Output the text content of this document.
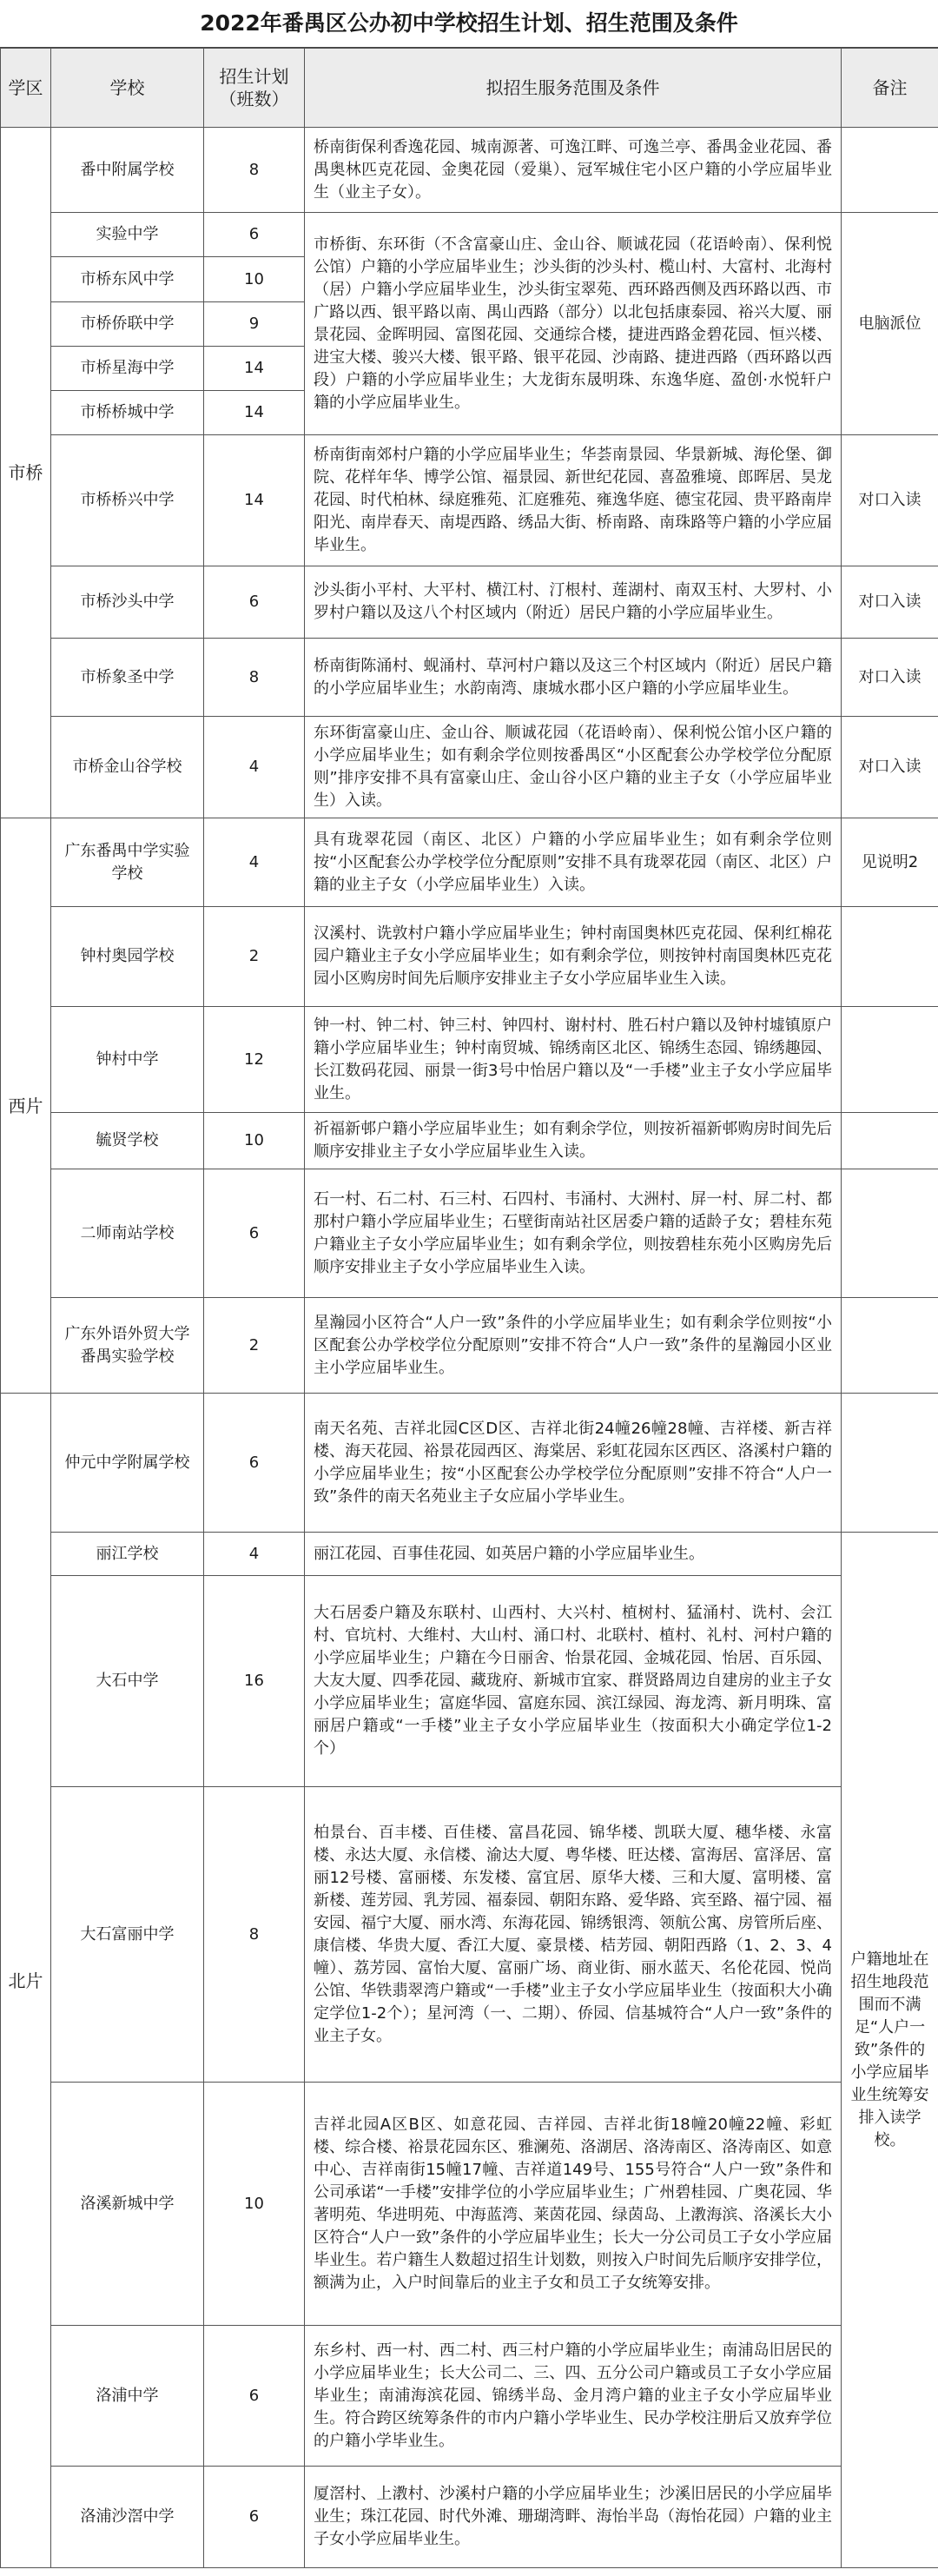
2022年番禺区公办初中学校招生计划、招生范围及条件
学区	学校	招生计划（班数）	拟招生服务范围及条件	备注
市桥	番中附属学校	8	桥南街保利香逸花园、城南源著、可逸江畔、可逸兰亭、番禺金业花园、番禺奥林匹克花园、金奥花园（爱巢）、冠军城住宅小区户籍的小学应届毕业生（业主子女）。	
	实验中学	6	市桥街、东环街（不含富豪山庄、金山谷、顺诚花园（花语岭南）、保利悦公馆）户籍的小学应届毕业生；沙头街的沙头村、榄山村、大富村、北海村（居）户籍小学应届毕业生，沙头街宝翠苑、西环路西侧及西环路以西、市广路以西、银平路以南、禺山西路（部分）以北包括康泰园、裕兴大厦、丽景花园、金晖明园、富图花园、交通综合楼，捷进西路金碧花园、恒兴楼、进宝大楼、骏兴大楼、银平路、银平花园、沙南路、捷进西路（西环路以西段）户籍的小学应届毕业生；大龙街东晟明珠、东逸华庭、盈创·水悦轩户籍的小学应届毕业生。	电脑派位
	市桥东风中学	10		
	市桥侨联中学	9		
	市桥星海中学	14		
	市桥桥城中学	14		
	市桥桥兴中学	14	桥南街南郊村户籍的小学应届毕业生；华荟南景园、华景新城、海伦堡、御院、花样年华、博学公馆、福景园、新世纪花园、喜盈雅境、郎晖居、昊龙花园、时代柏林、绿庭雅苑、汇庭雅苑、雍逸华庭、德宝花园、贵平路南岸阳光、南岸春天、南堤西路、绣品大街、桥南路、南珠路等户籍的小学应届毕业生。	对口入读
	市桥沙头中学	6	沙头街小平村、大平村、横江村、汀根村、莲湖村、南双玉村、大罗村、小罗村户籍以及这八个村区域内（附近）居民户籍的小学应届毕业生。	对口入读
	市桥象圣中学	8	桥南街陈涌村、蚬涌村、草河村户籍以及这三个村区域内（附近）居民户籍的小学应届毕业生；水韵南湾、康城水郡小区户籍的小学应届毕业生。	对口入读
	市桥金山谷学校	4	东环街富豪山庄、金山谷、顺诚花园（花语岭南）、保利悦公馆小区户籍的小学应届毕业生；如有剩余学位则按番禺区“小区配套公办学校学位分配原则”排序安排不具有富豪山庄、金山谷小区户籍的业主子女（小学应届毕业生）入读。	对口入读
西片	广东番禺中学实验学校	4	具有珑翠花园（南区、北区）户籍的小学应届毕业生；如有剩余学位则按“小区配套公办学校学位分配原则”安排不具有珑翠花园（南区、北区）户籍的业主子女（小学应届毕业生）入读。	见说明2
	钟村奥园学校	2	汉溪村、诜敦村户籍小学应届毕业生；钟村南国奥林匹克花园、保利红棉花园户籍业主子女小学应届毕业生；如有剩余学位，则按钟村南国奥林匹克花园小区购房时间先后顺序安排业主子女小学应届毕业生入读。	
	钟村中学	12	钟一村、钟二村、钟三村、钟四村、谢村村、胜石村户籍以及钟村墟镇原户籍小学应届毕业生；钟村南贸城、锦绣南区北区、锦绣生态园、锦绣趣园、长江数码花园、丽景一街3号中怡居户籍以及“一手楼”业主子女小学应届毕业生。	
	毓贤学校	10	祈福新邨户籍小学应届毕业生；如有剩余学位，则按祈福新邨购房时间先后顺序安排业主子女小学应届毕业生入读。	
	二师南站学校	6	石一村、石二村、石三村、石四村、韦涌村、大洲村、屏一村、屏二村、都那村户籍小学应届毕业生；石壁街南站社区居委户籍的适龄子女；碧桂东苑户籍业主子女小学应届毕业生；如有剩余学位，则按碧桂东苑小区购房先后顺序安排业主子女小学应届毕业生入读。	
	广东外语外贸大学番禺实验学校	2	星瀚园小区符合“人户一致”条件的小学应届毕业生；如有剩余学位则按“小区配套公办学校学位分配原则”安排不符合“人户一致”条件的星瀚园小区业主小学应届毕业生。	
北片	仲元中学附属学校	6	南天名苑、吉祥北园C区D区、吉祥北街24幢26幢28幢、吉祥楼、新吉祥楼、海天花园、裕景花园西区、海棠居、彩虹花园东区西区、洛溪村户籍的小学应届毕业生；按“小区配套公办学校学位分配原则”安排不符合“人户一致”条件的南天名苑业主子女应届小学毕业生。	
	丽江学校	4	丽江花园、百事佳花园、如英居户籍的小学应届毕业生。	户籍地址在招生地段范围而不满足“人户一致”条件的小学应届毕业生统筹安排入读学校。
	大石中学	16	大石居委户籍及东联村、山西村、大兴村、植树村、猛涌村、诜村、会江村、官坑村、大维村、大山村、涌口村、北联村、植村、礼村、河村户籍的小学应届毕业生；户籍在今日丽舍、怡景花园、金城花园、怡居、百乐园、大友大厦、四季花园、藏珑府、新城市宜家、群贤路周边自建房的业主子女小学应届毕业生；富庭华园、富庭东园、滨江绿园、海龙湾、新月明珠、富丽居户籍或“一手楼”业主子女小学应届毕业生（按面积大小确定学位1-2个）	
	大石富丽中学	8	柏景台、百丰楼、百佳楼、富昌花园、锦华楼、凯联大厦、穗华楼、永富楼、永达大厦、永信楼、渝达大厦、粤华楼、旺达楼、富海居、富泽居、富丽12号楼、富丽楼、东发楼、富宜居、原华大楼、三和大厦、富明楼、富新楼、莲芳园、乳芳园、福泰园、朝阳东路、爱华路、宾至路、福宁园、福安园、福宁大厦、丽水湾、东海花园、锦绣银湾、领航公寓、房管所后座、康信楼、华贵大厦、香江大厦、豪景楼、桔芳园、朝阳西路（1、2、3、4幢）、荔芳园、富怡大厦、富丽广场、商业街、丽水蓝天、名伦花园、悦尚公馆、华铁翡翠湾户籍或“一手楼”业主子女小学应届毕业生（按面积大小确定学位1-2个）；星河湾（一、二期）、侨园、信基城符合“人户一致”条件的业主子女。	
	洛溪新城中学	10	吉祥北园A区B区、如意花园、吉祥园、吉祥北街18幢20幢22幢、彩虹楼、综合楼、裕景花园东区、雅澜苑、洛湖居、洛涛南区、洛涛南区、如意中心、吉祥南街15幢17幢、吉祥道149号、155号符合“人户一致”条件和公司承诺“一手楼”安排学位的小学应届毕业生；广州碧桂园、广奥花园、华著明苑、华进明苑、中海蓝湾、莱茵花园、绿茵岛、上漖海滨、洛溪长大小区符合“人户一致”条件的小学应届毕业生；长大一分公司员工子女小学应届毕业生。若户籍生人数超过招生计划数，则按入户时间先后顺序安排学位，额满为止，入户时间靠后的业主子女和员工子女统筹安排。	
	洛浦中学	6	东乡村、西一村、西二村、西三村户籍的小学应届毕业生；南浦岛旧居民的小学应届毕业生；长大公司二、三、四、五分公司户籍或员工子女小学应届毕业生；南浦海滨花园、锦绣半岛、金月湾户籍的业主子女小学应届毕业生。符合跨区统筹条件的市内户籍小学毕业生、民办学校注册后又放弃学位的户籍小学毕业生。	
	洛浦沙滘中学	6	厦滘村、上漖村、沙溪村户籍的小学应届毕业生；沙溪旧居民的小学应届毕业生；珠江花园、时代外滩、珊瑚湾畔、海怡半岛（海怡花园）户籍的业主子女小学应届毕业生。	
